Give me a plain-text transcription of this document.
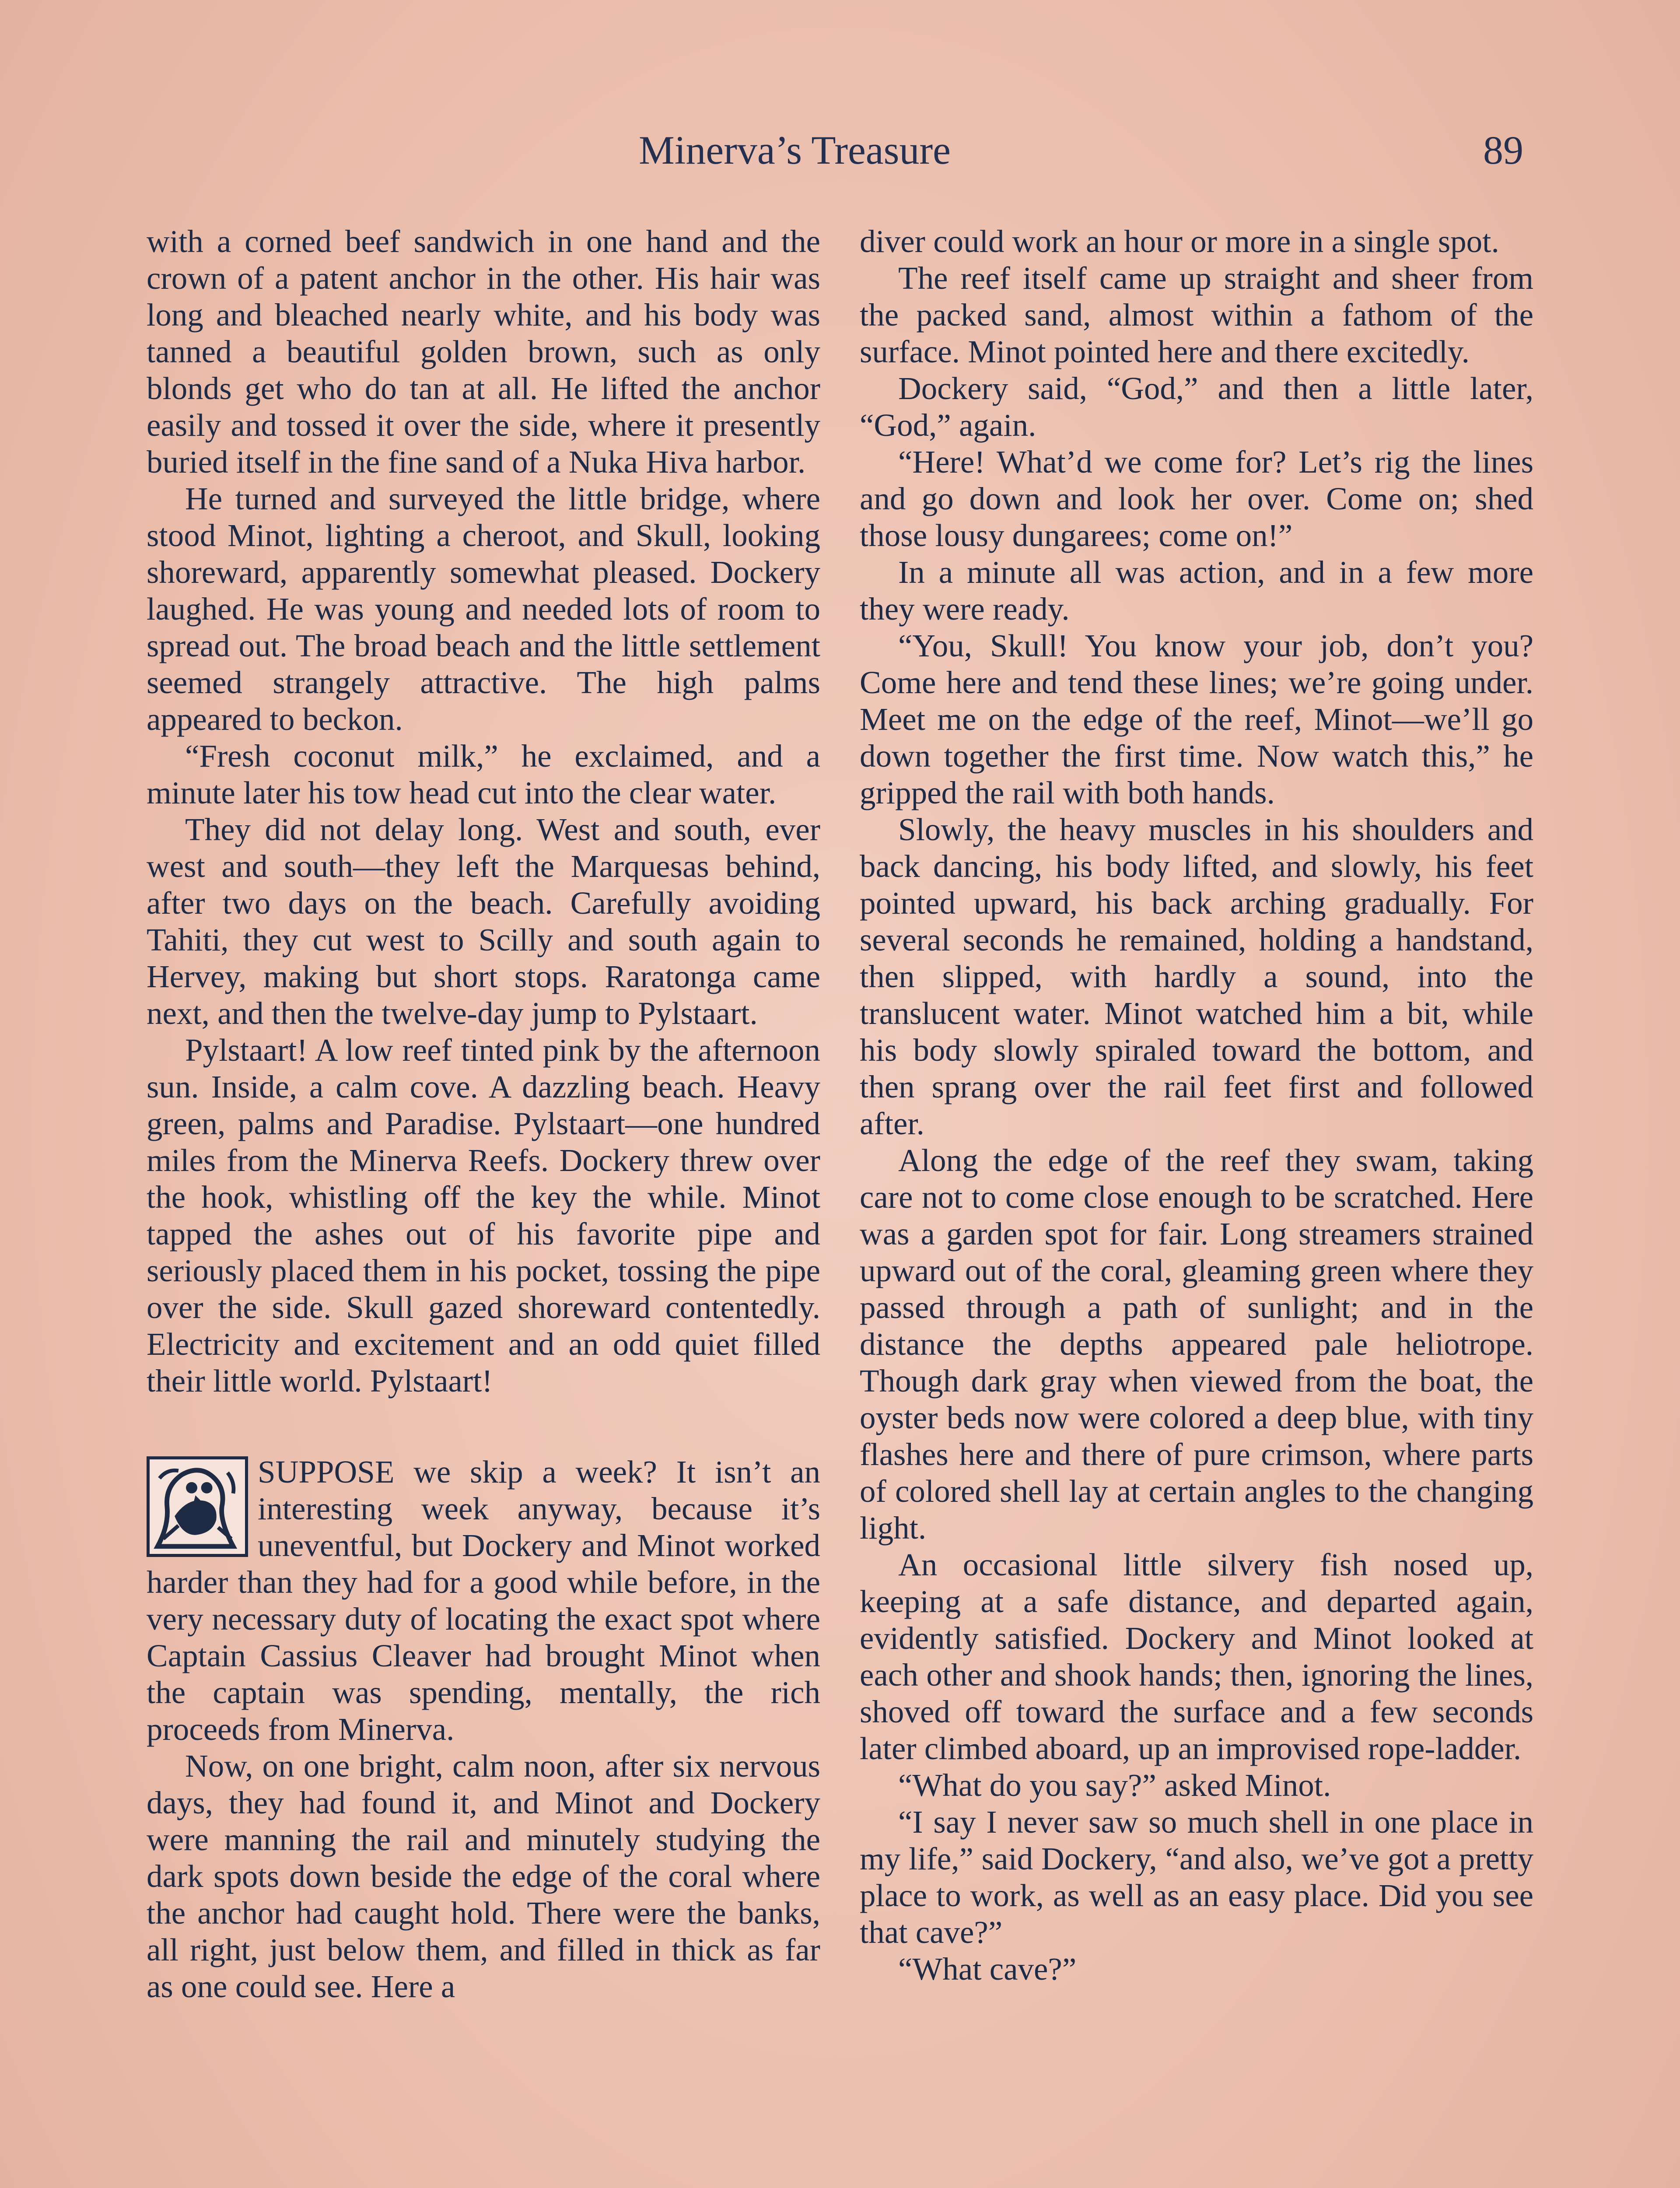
Minerva’s Treasure	89

with a corned beef sandwich in one hand and the crown of a patent anchor in the other. His hair was long and bleached nearly white, and his body was tanned a beautiful golden brown, such as only blonds get who do tan at all. He lifted the anchor easily and tossed it over the side, where it presently buried itself in the fine sand of a Nuka Hiva harbor.

He turned and surveyed the little bridge, where stood Minot, lighting a cheroot, and Skull, looking shoreward, apparently somewhat pleased. Dockery laughed. He was young and needed lots of room to spread out. The broad beach and the little settlement seemed strangely attractive. The high palms appeared to beckon.

“Fresh coconut milk,” he exclaimed, and a minute later his tow head cut into the clear water.

They did not delay long. West and south, ever west and south—they left the Marquesas behind, after two days on the beach. Carefully avoiding Tahiti, they cut west to Scilly and south again to Hervey, making but short stops. Raratonga came next, and then the twelve-day jump to Pylstaart.

Pylstaart! A low reef tinted pink by the afternoon sun. Inside, a calm cove. A dazzling beach. Heavy green, palms and Paradise. Pylstaart—one hundred miles from the Minerva Reefs. Dockery threw over the hook, whistling off the key the while. Minot tapped the ashes out of his favorite pipe and seriously placed them in his pocket, tossing the pipe over the side. Skull gazed shoreward contentedly. Electricity and excitement and an odd quiet filled their little world. Pylstaart!

SUPPOSE we skip a week? It isn’t an interesting week anyway, because it’s uneventful, but Dockery and Minot worked harder than they had for a good while before, in the very necessary duty of locating the exact spot where Captain Cassius Cleaver had brought Minot when the captain was spending, mentally, the rich proceeds from Minerva.

Now, on one bright, calm noon, after six nervous days, they had found it, and Minot and Dockery were manning the rail and minutely studying the dark spots down beside the edge of the coral where the anchor had caught hold. There were the banks, all right, just below them, and filled in thick as far as one could see. Here a

diver could work an hour or more in a single spot.

The reef itself came up straight and sheer from the packed sand, almost within a fathom of the surface. Minot pointed here and there excitedly.

Dockery said, “God,” and then a little later, “God,” again.

“Here! What’d we come for? Let’s rig the lines and go down and look her over. Come on; shed those lousy dungarees; come on!”

In a minute all was action, and in a few more they were ready.

“You, Skull! You know your job, don’t you? Come here and tend these lines; we’re going under. Meet me on the edge of the reef, Minot—we’ll go down together the first time. Now watch this,” he gripped the rail with both hands.

Slowly, the heavy muscles in his shoulders and back dancing, his body lifted, and slowly, his feet pointed upward, his back arching gradually. For several seconds he remained, holding a handstand, then slipped, with hardly a sound, into the translucent water. Minot watched him a bit, while his body slowly spiraled toward the bottom, and then sprang over the rail feet first and followed after.

Along the edge of the reef they swam, taking care not to come close enough to be scratched. Here was a garden spot for fair. Long streamers strained upward out of the coral, gleaming green where they passed through a path of sunlight; and in the distance the depths appeared pale heliotrope. Though dark gray when viewed from the boat, the oyster beds now were colored a deep blue, with tiny flashes here and there of pure crimson, where parts of colored shell lay at certain angles to the changing light.

An occasional little silvery fish nosed up, keeping at a safe distance, and departed again, evidently satisfied. Dockery and Minot looked at each other and shook hands; then, ignoring the lines, shoved off toward the surface and a few seconds later climbed aboard, up an improvised rope-ladder.

“What do you say?” asked Minot.

“I say I never saw so much shell in one place in my life,” said Dockery, “and also, we’ve got a pretty place to work, as well as an easy place. Did you see that cave?”

“What cave?”
